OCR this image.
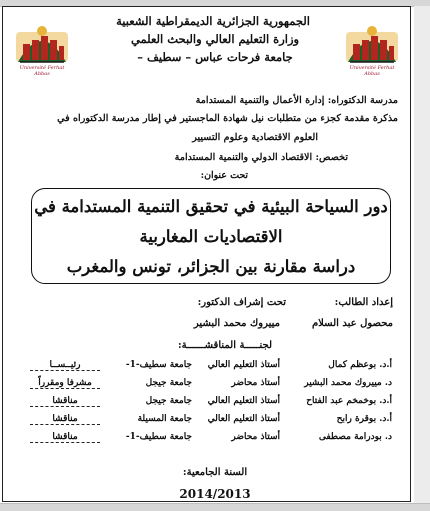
الجمهورية الجزائرية الديمقراطية الشعبية
وزارة التعليم العالي والبحث العلمي
جامعة فرحات عباس – سطيف –
Université Ferhat Abbas
Université Ferhat Abbas
مدرسة الدكتوراه: إدارة الأعمال والتنمية المستدامة
مذكرة مقدمة كجزء من متطلبات نيل شهادة الماجستير في إطار مدرسة الدكتوراه في
العلوم الاقتصادية وعلوم التسيير
تخصص: الاقتصاد الدولي والتنمية المستدامة
تحت عنوان:
دور السياحة البيئية في تحقيق التنمية المستدامة في
الاقتصاديات المغاربية
دراسة مقارنة بين الجزائر، تونس والمغرب
إعداد الطالب:
تحت إشراف الدكتور:
محصول عبد السلام
مييروك محمد البشير
لجنـــــة المناقشــــــة:
أ.د. بوعظم كمال
أستاذ التعليم العالي
جامعة سطيف-1-
رئيــســا
د. مييروك محمد البشير
أستاذ محاضر
جامعة جيجل
مشرفا ومقرراً
أ.د. بوخمخم عبد الفتاح
أستاذ التعليم العالي
جامعة جيجل
مناقشا
أ.د. بوقرة رابح
أستاذ التعليم العالي
جامعة المسيلة
مناقشا
د. بودرامة مصطفى
أستاذ محاضر
جامعة سطيف-1-
مناقشا
السنة الجامعية:
2014/2013
